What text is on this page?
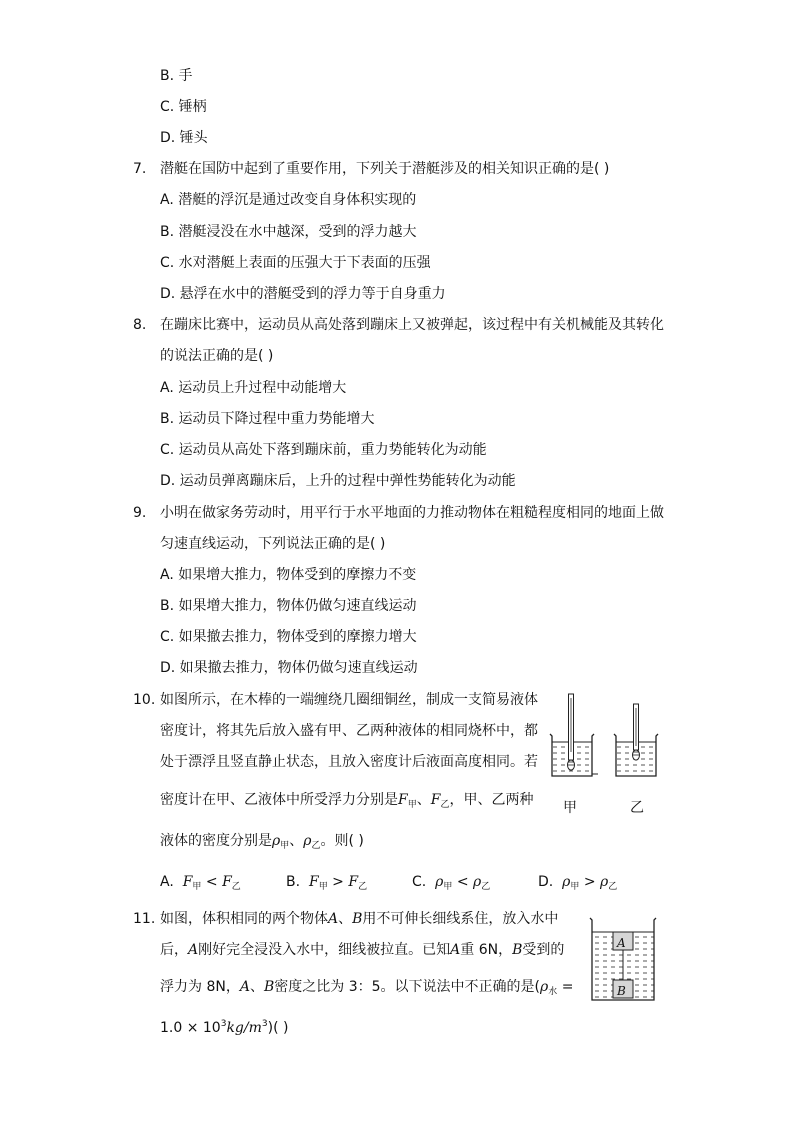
B. 手
C. 锤柄
D. 锤头
7. 潜艇在国防中起到了重要作用，下列关于潜艇涉及的相关知识正确的是( )
A. 潜艇的浮沉是通过改变自身体积实现的
B. 潜艇浸没在水中越深，受到的浮力越大
C. 水对潜艇上表面的压强大于下表面的压强
D. 悬浮在水中的潜艇受到的浮力等于自身重力
8. 在蹦床比赛中，运动员从高处落到蹦床上又被弹起，该过程中有关机械能及其转化
的说法正确的是( )
A. 运动员上升过程中动能增大
B. 运动员下降过程中重力势能增大
C. 运动员从高处下落到蹦床前，重力势能转化为动能
D. 运动员弹离蹦床后，上升的过程中弹性势能转化为动能
9. 小明在做家务劳动时，用平行于水平地面的力推动物体在粗糙程度相同的地面上做
匀速直线运动，下列说法正确的是( )
A. 如果增大推力，物体受到的摩擦力不变
B. 如果增大推力，物体仍做匀速直线运动
C. 如果撤去推力，物体受到的摩擦力增大
D. 如果撤去推力，物体仍做匀速直线运动
10. 如图所示，在木棒的一端缠绕几圈细铜丝，制成一支简易液体
密度计，将其先后放入盛有甲、乙两种液体的相同烧杯中，都
处于漂浮且竖直静止状态，且放入密度计后液面高度相同。若
密度计在甲、乙液体中所受浮力分别是$F_甲$、$F_乙$，甲、乙两种
液体的密度分别是$\rho_甲$、$\rho_乙$。则( )
A. $F_甲 < F_乙$	B. $F_甲 > F_乙$	C. $\rho_甲 < \rho_乙$	D. $\rho_甲 > \rho_乙$
甲	乙
11. 如图，体积相同的两个物体A、B用不可伸长细线系住，放入水中
后，A刚好完全浸没入水中，细线被拉直。已知A重 6N，B受到的
浮力为 8N，A、B密度之比为 3：5。以下说法中不正确的是($\rho_水$ =
$1.0 \times 10^3kg/m^3$)( )
A
B
